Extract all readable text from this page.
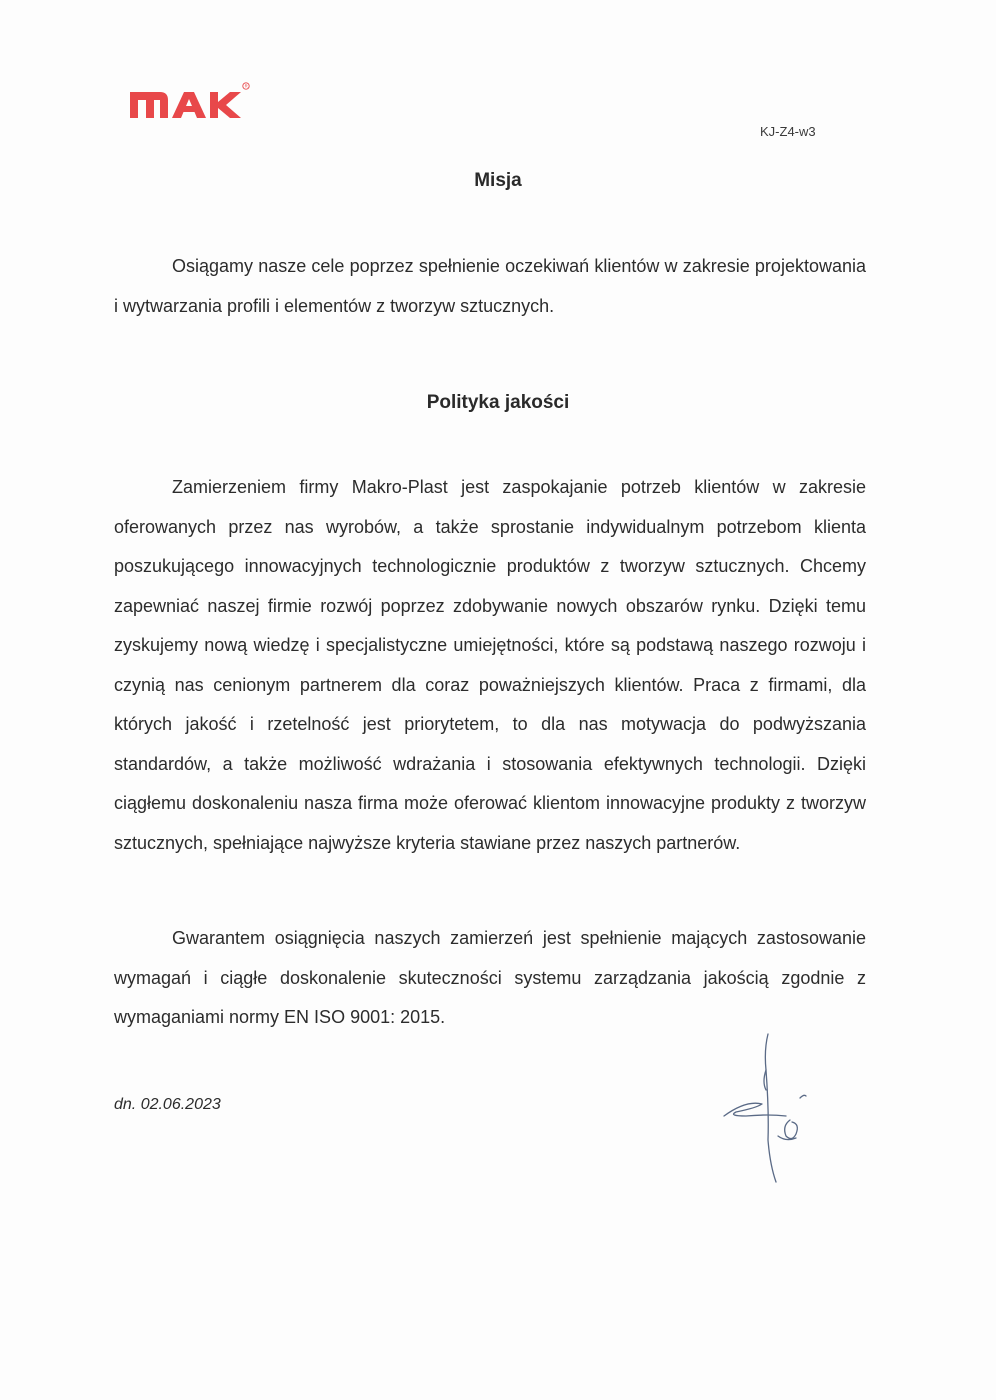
R
KJ-Z4-w3
Misja
Osiągamy nasze cele poprzez spełnienie oczekiwań klientów w zakresie projektowania i wytwarzania profili i elementów z tworzyw sztucznych.
Polityka jakości
Zamierzeniem firmy Makro-Plast jest zaspokajanie potrzeb klientów w zakresie oferowanych przez nas wyrobów, a także sprostanie indywidualnym potrzebom klienta poszukującego innowacyjnych technologicznie produktów z tworzyw sztucznych. Chcemy zapewniać naszej firmie rozwój poprzez zdobywanie nowych obszarów rynku. Dzięki temu zyskujemy nową wiedzę i specjalistyczne umiejętności, które są podstawą naszego rozwoju i czynią nas cenionym partnerem dla coraz poważniejszych klientów. Praca z firmami, dla których jakość i rzetelność jest priorytetem, to dla nas motywacja do podwyższania standardów, a także możliwość wdrażania i stosowania efektywnych technologii. Dzięki ciągłemu doskonaleniu nasza firma może oferować klientom innowacyjne produkty z tworzyw sztucznych, spełniające najwyższe kryteria stawiane przez naszych partnerów.
Gwarantem osiągnięcia naszych zamierzeń jest spełnienie mających zastosowanie wymagań i ciągłe doskonalenie skuteczności systemu zarządzania jakością zgodnie z wymaganiami normy EN ISO 9001: 2015.
dn. 02.06.2023
